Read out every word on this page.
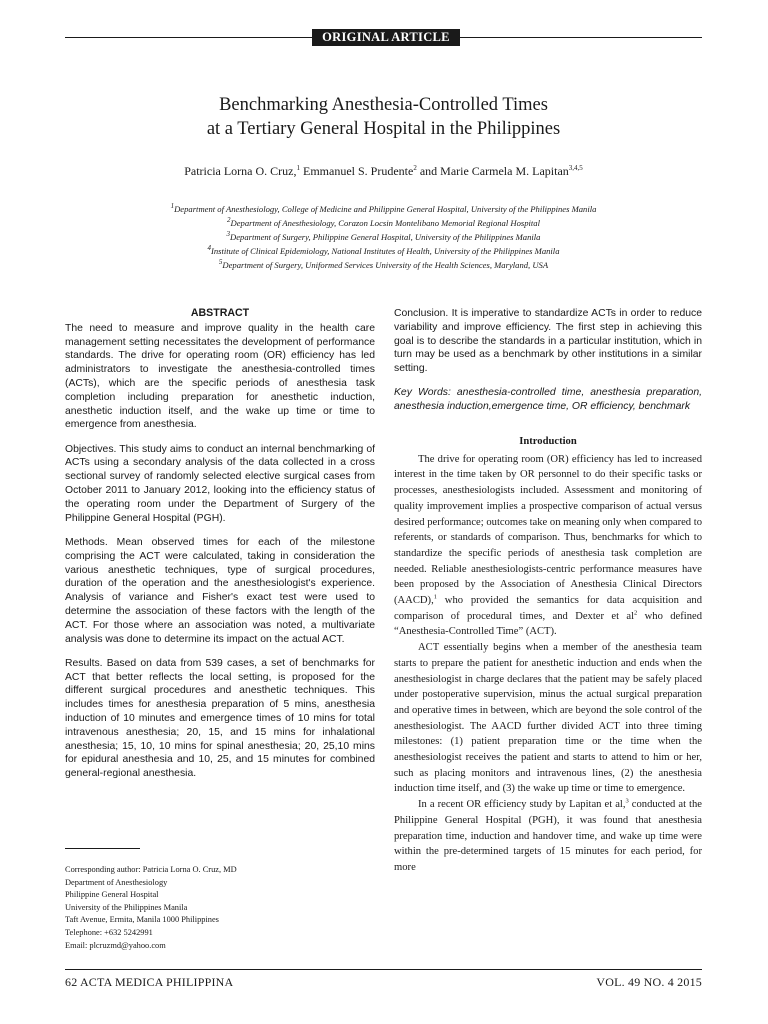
ORIGINAL ARTICLE
Benchmarking Anesthesia-Controlled Times
at a Tertiary General Hospital in the Philippines
Patricia Lorna O. Cruz,$^1$ Emmanuel S. Prudente$^2$ and Marie Carmela M. Lapitan$^{3,4,5}$
$^1$Department of Anesthesiology, College of Medicine and Philippine General Hospital, University of the Philippines Manila
$^2$Department of Anesthesiology, Corazon Locsin Montelibano Memorial Regional Hospital
$^3$Department of Surgery, Philippine General Hospital, University of the Philippines Manila
$^4$Institute of Clinical Epidemiology, National Institutes of Health, University of the Philippines Manila
$^5$Department of Surgery, Uniformed Services University of the Health Sciences, Maryland, USA
ABSTRACT

The need to measure and improve quality in the health care management setting necessitates the development of performance standards. The drive for operating room (OR) efficiency has led administrators to investigate the anesthesia-controlled times (ACTs), which are the specific periods of anesthesia task completion including preparation for anesthetic induction, anesthetic induction itself, and the wake up time or time to emergence from anesthesia.

Objectives. This study aims to conduct an internal benchmarking of ACTs using a secondary analysis of the data collected in a cross sectional survey of randomly selected elective surgical cases from October 2011 to January 2012, looking into the efficiency status of the operating room under the Department of Surgery of the Philippine General Hospital (PGH).

Methods. Mean observed times for each of the milestone comprising the ACT were calculated, taking in consideration the various anesthetic techniques, type of surgical procedures, duration of the operation and the anesthesiologist's experience. Analysis of variance and Fisher's exact test were used to determine the association of these factors with the length of the ACT. For those where an association was noted, a multivariate analysis was done to determine its impact on the actual ACT.

Results. Based on data from 539 cases, a set of benchmarks for ACT that better reflects the local setting, is proposed for the different surgical procedures and anesthetic techniques. This includes times for anesthesia preparation of 5 mins, anesthesia induction of 10 minutes and emergence times of 10 mins for total intravenous anesthesia; 20, 15, and 15 mins for inhalational anesthesia; 15, 10, 10 mins for spinal anesthesia; 20, 25,10 mins for epidural anesthesia and 10, 25, and 15 minutes for combined general-regional anesthesia.

Conclusion. It is imperative to standardize ACTs in order to reduce variability and improve efficiency. The first step in achieving this goal is to describe the standards in a particular institution, which in turn may be used as a benchmark by other institutions in a similar setting.

Key Words: anesthesia-controlled time, anesthesia preparation, anesthesia induction,emergence time, OR efficiency, benchmark

Introduction

The drive for operating room (OR) efficiency has led to increased interest in the time taken by OR personnel to do their specific tasks or processes, anesthesiologists included. Assessment and monitoring of quality improvement implies a prospective comparison of actual versus desired performance; outcomes take on meaning only when compared to referents, or standards of comparison. Thus, benchmarks for which to standardize the specific periods of anesthesia task completion are needed. Reliable anesthesiologists-centric performance measures have been proposed by the Association of Anesthesia Clinical Directors (AACD),$^1$ who provided the semantics for data acquisition and comparison of procedural times, and Dexter et $al^2$ who defined “Anesthesia-Controlled Time” (ACT).

ACT essentially begins when a member of the anesthesia team starts to prepare the patient for anesthetic induction and ends when the anesthesiologist in charge declares that the patient may be safely placed under postoperative supervision, minus the actual surgical preparation and operative times in between, which are beyond the sole control of the anesthesiologist. The AACD further divided ACT into three timing milestones: (1) patient preparation time or the time when the anesthesiologist receives the patient and starts to attend to him or her, such as placing monitors and intravenous lines, (2) the anesthesia induction time itself, and (3) the wake up time or time to emergence.

In a recent OR efficiency study by Lapitan et al,$^3$ conducted at the Philippine General Hospital (PGH), it was found that anesthesia preparation time, induction and handover time, and wake up time were within the pre-determined targets of 15 minutes for each period, for more

Corresponding author: Patricia Lorna O. Cruz, MD
Department of Anesthesiology
Philippine General Hospital
University of the Philippines Manila
Taft Avenue, Ermita, Manila 1000 Philippines
Telephone: +632 5242991
Email: plcruzmd@yahoo.com
62 ACTA MEDICA PHILIPPINA	VOL. 49 NO. 4 2015
